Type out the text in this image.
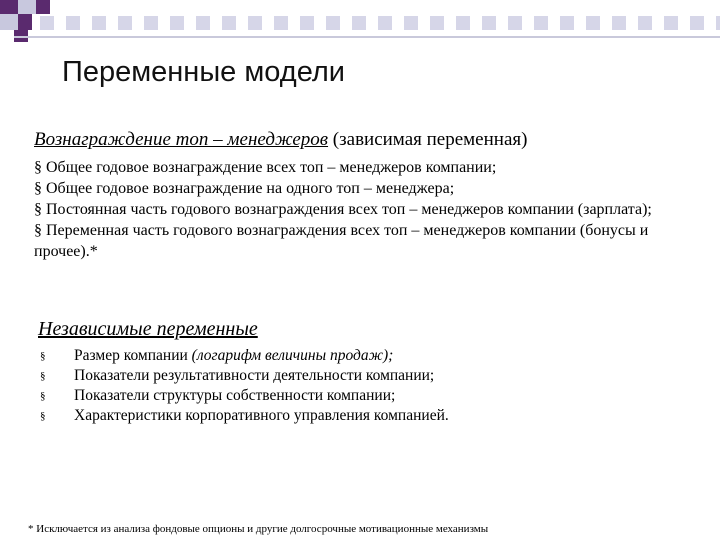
Переменные модели
Вознаграждение топ – менеджеров (зависимая переменная)

§ Общее годовое вознаграждение всех топ – менеджеров компании;

§ Общее годовое вознаграждение на одного топ – менеджера;

§ Постоянная часть годового вознаграждения всех топ – менеджеров компании (зарплата);

§ Переменная часть годового вознаграждения всех топ – менеджеров компании (бонусы и прочее).*

Независимые переменные
§	Размер компании (логарифм величины продаж);
§	Показатели результативности деятельности компании;
§	Показатели структуры собственности компании;
§	Характеристики корпоративного управления компанией.
* Исключается из анализа фондовые опционы и другие долгосрочные мотивационные механизмы
